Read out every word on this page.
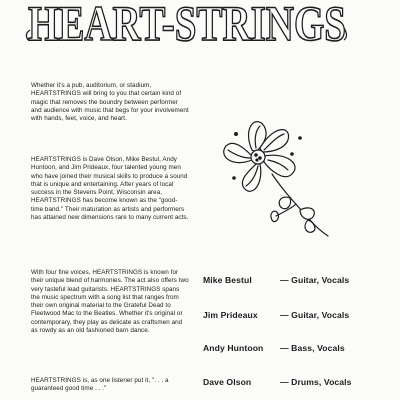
HEART-STRINGS

Whether it's a pub, auditorium, or stadium, HEARTSTRINGS will bring to you that certain kind of magic that removes the boundry between performer and audience with music that begs for your involvement with hands, feet, voice, and heart.

HEARTSTRINGS is Dave Olson, Mike Bestul, Andy Huntoon, and Jim Prideaux, four talented young men who have joined their musical skills to produce a sound that is unique and entertaining. After years of local success in the Stevens Point, Wisconsin area, HEARTSTRINGS has become known as the "good-time band." Their maturation as artists and performers has attained new dimensions rare to many current acts.

With four fine voices, HEARTSTRINGS is known for their unique blend of harmonies. The act also offers two very tasteful lead guitarists. HEARTSTRINGS spans the music spectrum with a song list that ranges from their own original material to the Grateful Dead to Fleetwood Mac to the Beatles. Whether it's original or contemporary, they play as delicate as craftsmen and as rowdy as an old fashioned barn dance.

HEARTSTRINGS is, as one listener put it, ". . . a guaranteed good time . . ."

Mike Bestul	— Guitar, Vocals
Jim Prideaux	— Guitar, Vocals
Andy Huntoon — Bass, Vocals
Dave Olson	— Drums, Vocals
